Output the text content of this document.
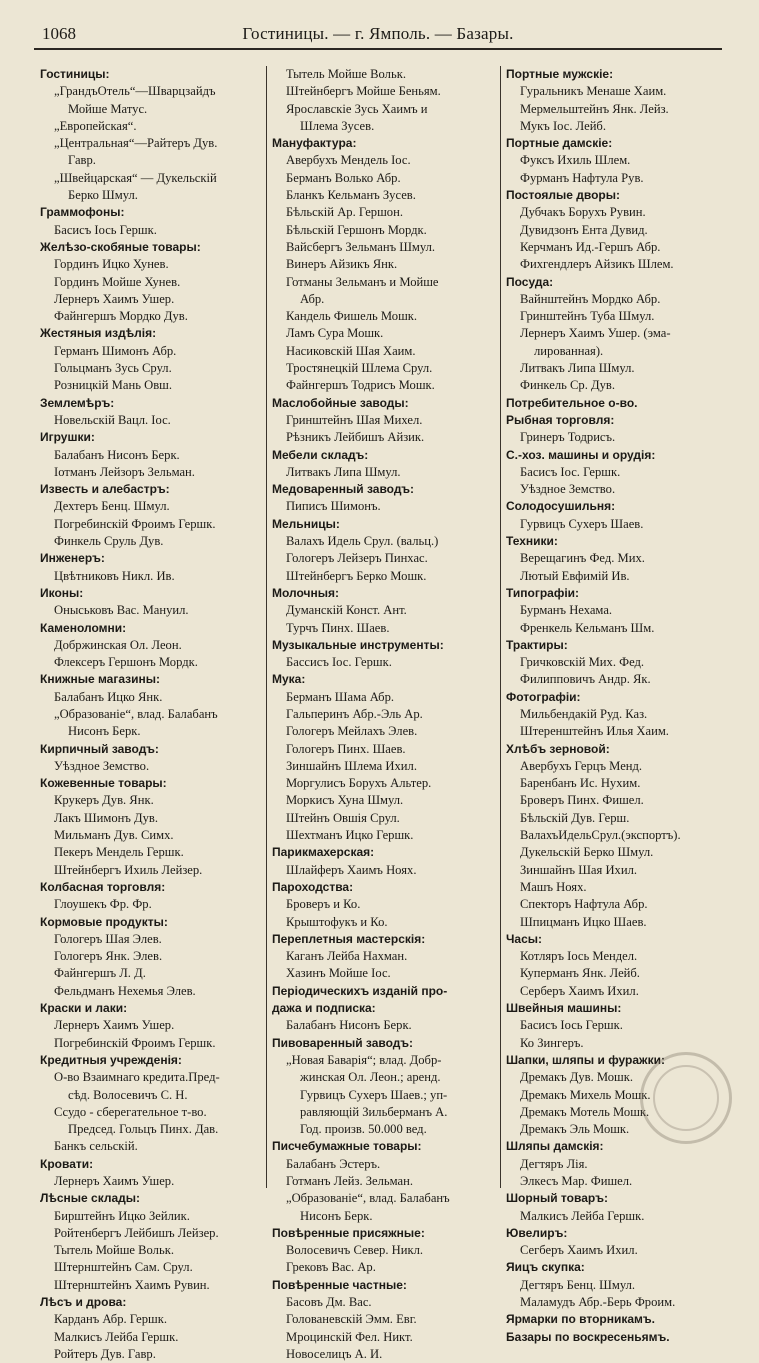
1068	Гостиницы. — г. Ямполь. — Базары.
Гостиницы:
„ГрандъОтель“—Шварцзайдъ
Мойше Матус.
„Европейская“.
„Центральная“—Райтеръ Дув.
Гавр.
„Швейцарская“ — Дукельскій
Берко Шмул.
Граммофоны:
Басисъ Іось Гершк.
Желѣзо-скобяные товары:
Гординъ Ицко Хунев.
Гординъ Мойше Хунев.
Лернеръ Хаимъ Ушер.
Файнгершъ Мордко Дув.
Жестяныя издѣлія:
Германъ Шимонъ Абр.
Гольцманъ Зусь Срул.
Розницкій Мань Овш.
Землемѣръ:
Новельскій Вацл. Іос.
Игрушки:
Балабанъ Нисонъ Берк.
Іотманъ Лейзоръ Зельман.
Известь и алебастръ:
Дехтеръ Бенц. Шмул.
Погребинскій Фроимъ Гершк.
Финкель Сруль Дув.
Инженеръ:
Цвѣтниковъ Никл. Ив.
Иконы:
Оныськовъ Вас. Мануил.
Каменоломни:
Добржинская Ол. Леон.
Флексеръ Гершонъ Мордк.
Книжные магазины:
Балабанъ Ицко Янк.
„Образованіе“, влад. Балабанъ
Нисонъ Берк.
Кирпичный заводъ:
Уѣздное Земство.
Кожевенные товары:
Крукеръ Дув. Янк.
Лакъ Шимонъ Дув.
Мильманъ Дув. Симх.
Пекеръ Мендель Гершк.
Штейнбергъ Ихиль Лейзер.
Колбасная торговля:
Глоушекъ Фр. Фр.
Кормовые продукты:
Гологеръ Шая Элев.
Гологеръ Янк. Элев.
Файнгершъ Л. Д.
Фельдманъ Нехемья Элев.
Краски и лаки:
Лернеръ Хаимъ Ушер.
Погребинскій Фроимъ Гершк.
Кредитныя учрежденія:
О-во Взаимнаго кредита.Пред-
сѣд. Волосевичъ С. Н.
Ссудо - сберегательное т-во.
Председ. Гольцъ Пинх. Дав.
Банкъ сельскій.
Кровати:
Лернеръ Хаимъ Ушер.
Лѣсные склады:
Бирштейнъ Ицко Зейлик.
Ройтенбергъ Лейбишъ Лейзер.
Тытель Мойше Вольк.
Штернштейнъ Сам. Срул.
Штернштейнъ Хаимъ Рувин.
Лѣсъ и дрова:
Карданъ Абр. Гершк.
Малкисъ Лейба Гершк.
Ройтеръ Дув. Гавр.
Тытель Мойше Вольк.
Штейнбергъ Мойше Беньям.
Ярославскіе Зусь Хаимъ и
Шлема Зусев.
Мануфактура:
Авербухъ Мендель Іос.
Берманъ Волько Абр.
Бланкъ Кельманъ Зусев.
Бѣльскій Ар. Гершон.
Бѣльскій Гершонъ Мордк.
Вайсбергъ Зельманъ Шмул.
Винеръ Айзикъ Янк.
Готманы Зельманъ и Мойше
Абр.
Кандель Фишель Мошк.
Ламъ Сура Мошк.
Насиковскій Шая Хаим.
Тростянецкій Шлема Срул.
Файнгершъ Тодрисъ Мошк.
Маслобойные заводы:
Гринштейнъ Шая Михел.
Рѣзникъ Лейбишъ Айзик.
Мебели складъ:
Литвакъ Липа Шмул.
Медоваренный заводъ:
Пиписъ Шимонъ.
Мельницы:
Валахъ Идель Срул. (вальц.)
Гологеръ Лейзеръ Пинхас.
Штейнбергъ Берко Мошк.
Молочныя:
Думанскій Конст. Ант.
Турчъ Пинх. Шаев.
Музыкальные инструменты:
Бассисъ Іос. Гершк.
Мука:
Берманъ Шама Абр.
Гальперинъ Абр.-Эль Ар.
Гологеръ Мейлахъ Элев.
Гологеръ Пинх. Шаев.
Зиншайнъ Шлема Ихил.
Моргулисъ Борухъ Альтер.
Моркисъ Хуна Шмул.
Штейнъ Овшія Срул.
Шехтманъ Ицко Гершк.
Парикмахерская:
Шлайферъ Хаимъ Ноях.
Пароходства:
Броверъ и Ко.
Крыштофукъ и Ко.
Переплетныя мастерскія:
Каганъ Лейба Нахман.
Хазинъ Мойше Іос.
Періодическихъ изданій про-
дажа и подписка:
Балабанъ Нисонъ Берк.
Пивоваренный заводъ:
„Новая Баварія“; влад. Добр-
жинская Ол. Леон.; аренд.
Гурвицъ Сухеръ Шаев.; уп-
равляющій Зильберманъ А.
Год. произв. 50.000 вед.
Писчебумажные товары:
Балабанъ Эстеръ.
Готманъ Лейз. Зельман.
„Образованіе“, влад. Балабанъ
Нисонъ Берк.
Повѣренные присяжные:
Волосевичъ Север. Никл.
Грековъ Вас. Ар.
Повѣренные частные:
Басовъ Дм. Вас.
Голованевскій Эмм. Евг.
Мроцинскій Фел. Никт.
Новоселицъ А. И.
Портные мужскіе:
Гуральникъ Менаше Хаим.
Мермельштейнъ Янк. Лейз.
Мукъ Іос. Лейб.
Портные дамскіе:
Фуксъ Ихиль Шлем.
Фурманъ Нафтула Рув.
Постоялые дворы:
Дубчакъ Борухъ Рувин.
Дувидзонъ Ента Дувид.
Керчманъ Ид.-Гершъ Абр.
Фихгендлеръ Айзикъ Шлем.
Посуда:
Вайнштейнъ Мордко Абр.
Гринштейнъ Туба Шмул.
Лернеръ Хаимъ Ушер. (эма-
лированная).
Литвакъ Липа Шмул.
Финкель Ср. Дув.
Потребительное о-во.
Рыбная торговля:
Гринеръ Тодрисъ.
С.-хоз. машины и орудія:
Басисъ Іос. Гершк.
Уѣздное Земство.
Солодосушильня:
Гурвицъ Сухеръ Шаев.
Техники:
Верещагинъ Фед. Мих.
Лютый Евфимій Ив.
Типографіи:
Бурманъ Нехама.
Френкель Кельманъ Шм.
Трактиры:
Гричковскій Мих. Фед.
Филипповичъ Андр. Як.
Фотографіи:
Мильбендакій Руд. Каз.
Штеренштейнъ Илья Хаим.
Хлѣбъ зерновой:
Авербухъ Герцъ Менд.
Баренбанъ Ис. Нухим.
Броверъ Пинх. Фишел.
Бѣльскій Дув. Герш.
ВалахъИдельСрул.(экспортъ).
Дукельскій Берко Шмул.
Зиншайнъ Шая Ихил.
Машъ Ноях.
Спекторъ Нафтула Абр.
Шпицманъ Ицко Шаев.
Часы:
Котляръ Іось Мендел.
Куперманъ Янк. Лейб.
Серберъ Хаимъ Ихил.
Швейныя машины:
Басисъ Іось Гершк.
Ко Зингеръ.
Шапки, шляпы и фуражки:
Дремакъ Дув. Мошк.
Дремакъ Михель Мошк.
Дремакъ Мотель Мошк.
Дремакъ Эль Мошк.
Шляпы дамскія:
Дегтяръ Лія.
Элкесъ Мар. Фишел.
Шорный товаръ:
Малкисъ Лейба Гершк.
Ювелиръ:
Сегберъ Хаимъ Ихил.
Яицъ скупка:
Дегтяръ Бенц. Шмул.
Маламудъ Абр.-Берь Фроим.
Ярмарки по вторникамъ.
Базары по воскресеньямъ.
